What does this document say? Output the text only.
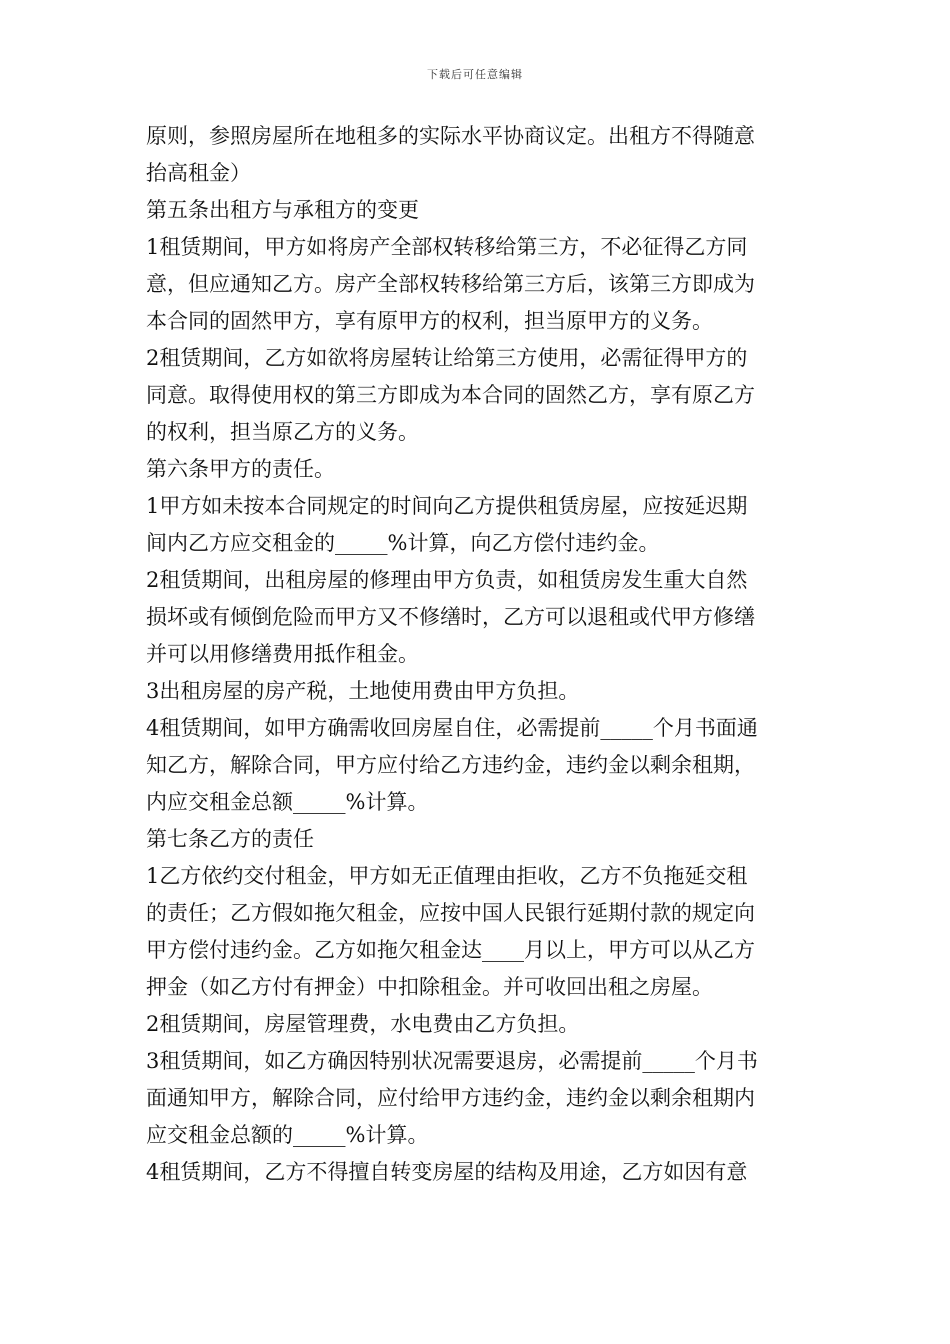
下载后可任意编辑
原则，参照房屋所在地租多的实际水平协商议定。出租方不得随意
抬高租金）
第五条出租方与承租方的变更
1租赁期间，甲方如将房产全部权转移给第三方，不必征得乙方同
意，但应通知乙方。房产全部权转移给第三方后，该第三方即成为
本合同的固然甲方，享有原甲方的权利，担当原甲方的义务。
2租赁期间，乙方如欲将房屋转让给第三方使用，必需征得甲方的
同意。取得使用权的第三方即成为本合同的固然乙方，享有原乙方
的权利，担当原乙方的义务。
第六条甲方的责任。
1甲方如未按本合同规定的时间向乙方提供租赁房屋，应按延迟期
间内乙方应交租金的_____%计算，向乙方偿付违约金。
2租赁期间，出租房屋的修理由甲方负责，如租赁房发生重大自然
损坏或有倾倒危险而甲方又不修缮时，乙方可以退租或代甲方修缮
并可以用修缮费用抵作租金。
3出租房屋的房产税，土地使用费由甲方负担。
4租赁期间，如甲方确需收回房屋自住，必需提前_____个月书面通
知乙方，解除合同，甲方应付给乙方违约金，违约金以剩余租期，
内应交租金总额_____%计算。
第七条乙方的责任
1乙方依约交付租金，甲方如无正值理由拒收，乙方不负拖延交租
的责任；乙方假如拖欠租金，应按中国人民银行延期付款的规定向
甲方偿付违约金。乙方如拖欠租金达____月以上，甲方可以从乙方
押金（如乙方付有押金）中扣除租金。并可收回出租之房屋。
2租赁期间，房屋管理费，水电费由乙方负担。
3租赁期间，如乙方确因特别状况需要退房，必需提前_____个月书
面通知甲方，解除合同，应付给甲方违约金，违约金以剩余租期内
应交租金总额的_____%计算。
4租赁期间，乙方不得擅自转变房屋的结构及用途，乙方如因有意
